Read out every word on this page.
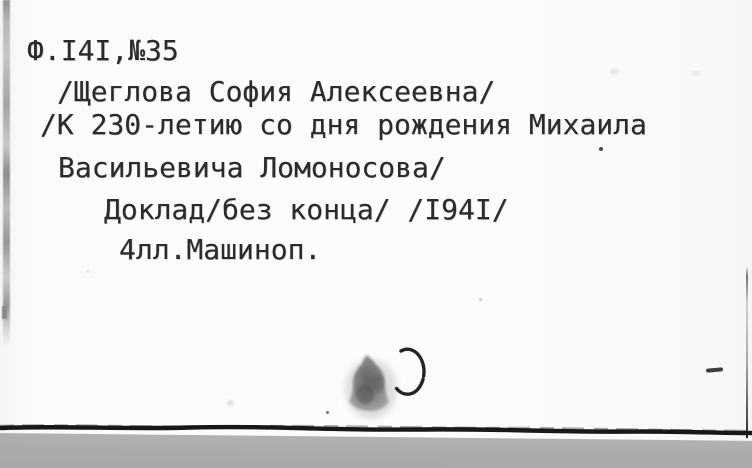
Ф.I4I,№35
/Щеглова София Алексеевна/
/К 230-летию со дня рождения Михаила
Васильевича Ломоносова/
Доклад/без конца/ /I94I/
4лл.Машиноп.
